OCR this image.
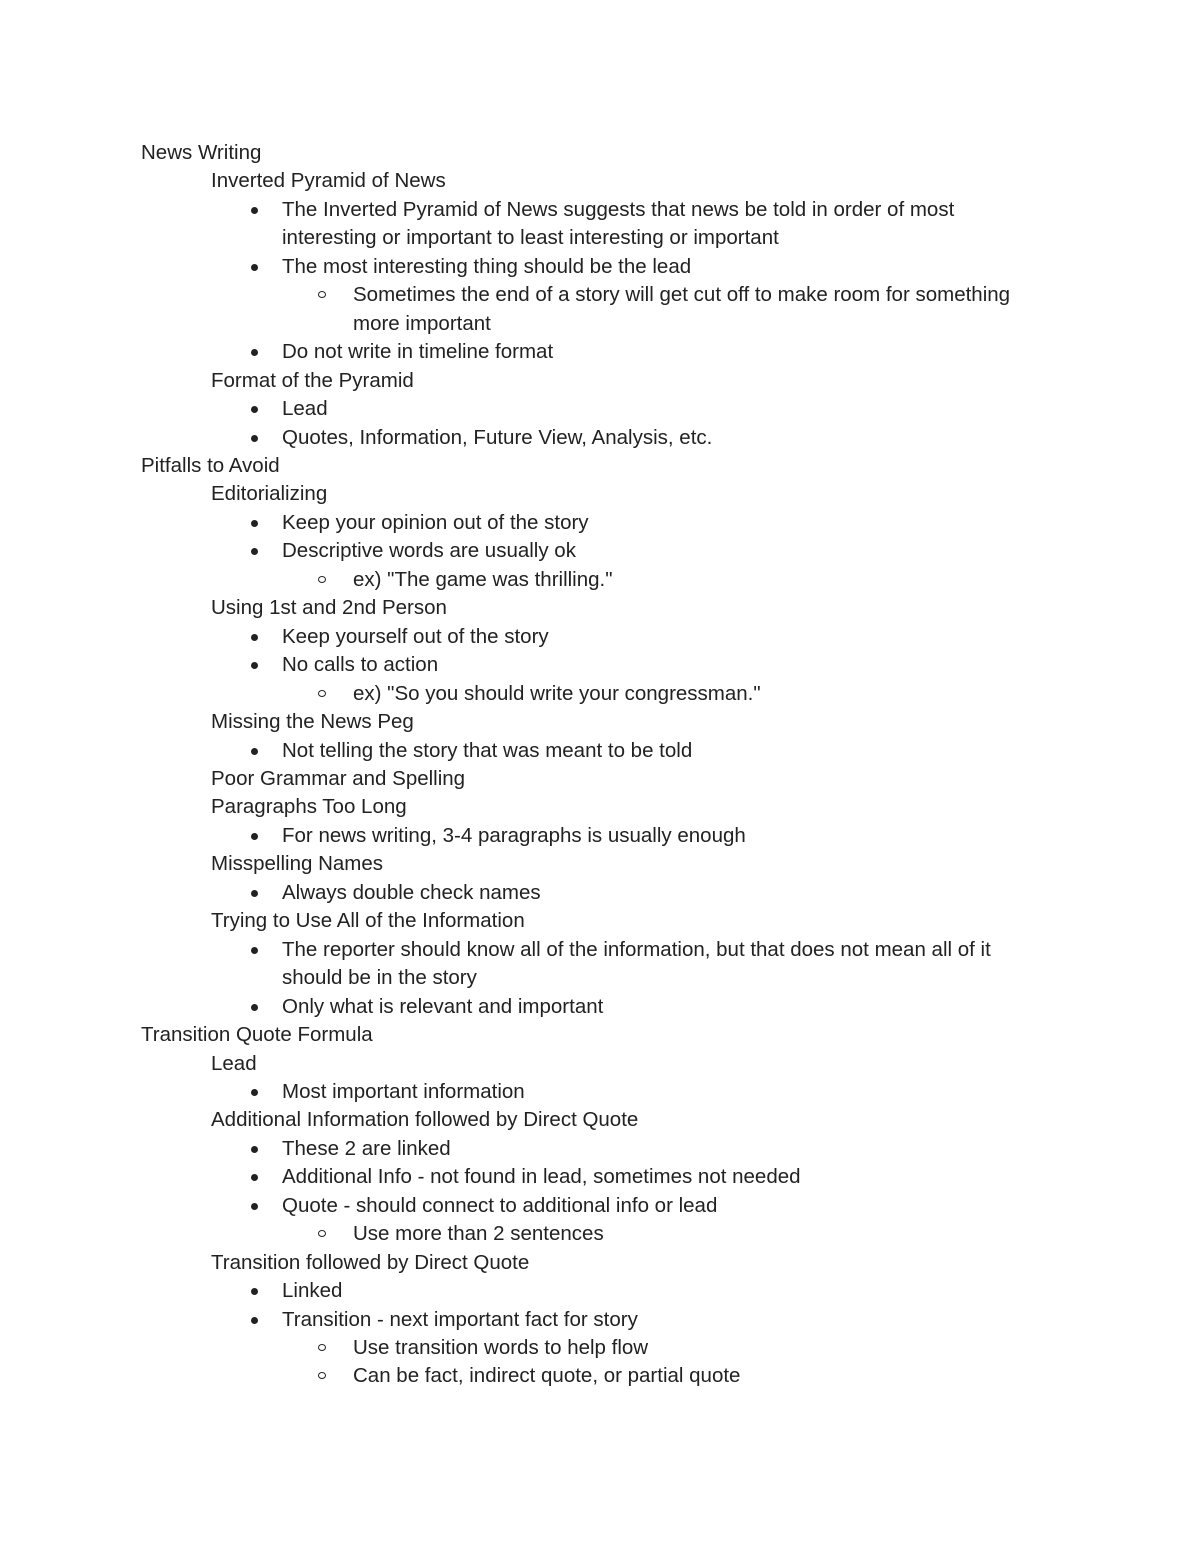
News Writing
Inverted Pyramid of News
The Inverted Pyramid of News suggests that news be told in order of most
interesting or important to least interesting or important
The most interesting thing should be the lead
Sometimes the end of a story will get cut off to make room for something
more important
Do not write in timeline format
Format of the Pyramid
Lead
Quotes, Information, Future View, Analysis, etc.
Pitfalls to Avoid
Editorializing
Keep your opinion out of the story
Descriptive words are usually ok
ex) "The game was thrilling."
Using 1st and 2nd Person
Keep yourself out of the story
No calls to action
ex) "So you should write your congressman."
Missing the News Peg
Not telling the story that was meant to be told
Poor Grammar and Spelling
Paragraphs Too Long
For news writing, 3-4 paragraphs is usually enough
Misspelling Names
Always double check names
Trying to Use All of the Information
The reporter should know all of the information, but that does not mean all of it
should be in the story
Only what is relevant and important
Transition Quote Formula
Lead
Most important information
Additional Information followed by Direct Quote
These 2 are linked
Additional Info - not found in lead, sometimes not needed
Quote - should connect to additional info or lead
Use more than 2 sentences
Transition followed by Direct Quote
Linked
Transition - next important fact for story
Use transition words to help flow
Can be fact, indirect quote, or partial quote
